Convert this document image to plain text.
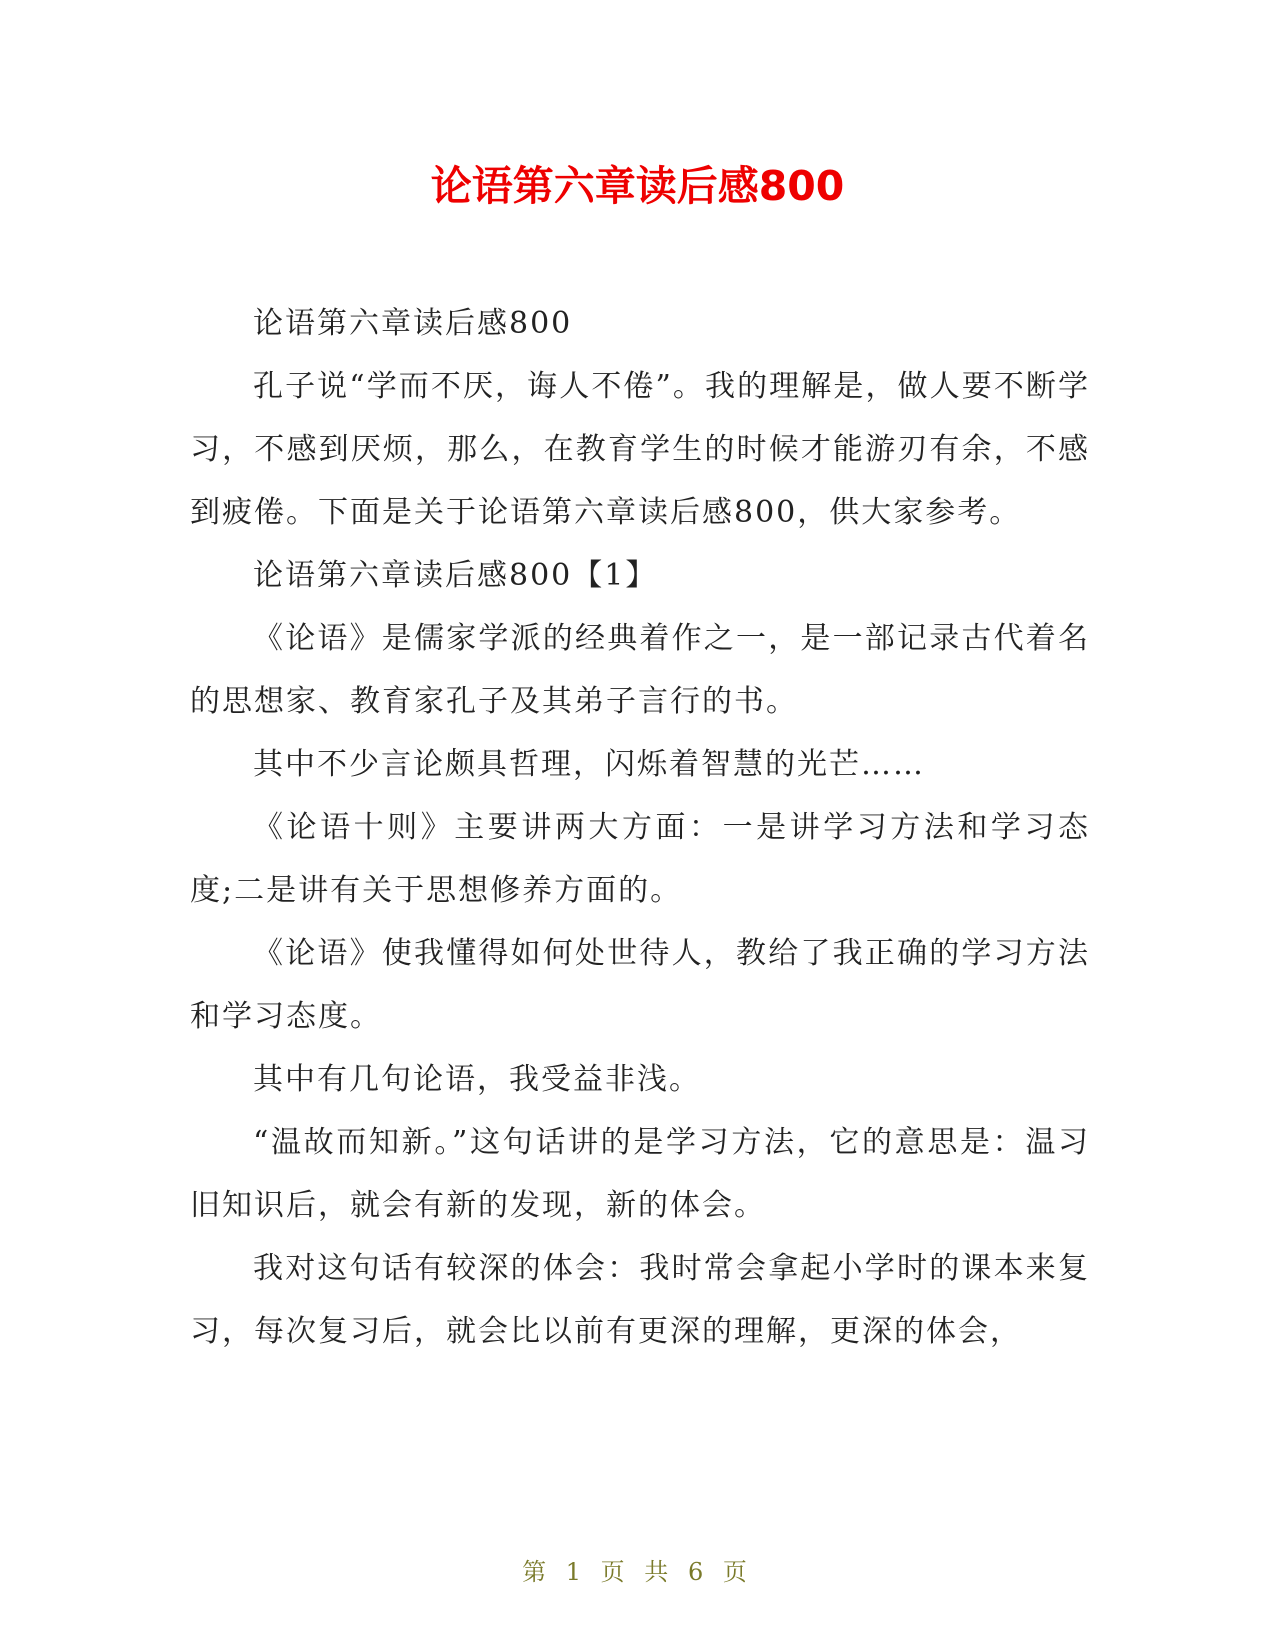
论语第六章读后感800

论语第六章读后感800

孔子说“学而不厌，诲人不倦”。我的理解是，做人要不断学习，不感到厌烦，那么，在教育学生的时候才能游刃有余，不感到疲倦。下面是关于论语第六章读后感800，供大家参考。

论语第六章读后感800【1】

《论语》是儒家学派的经典着作之一，是一部记录古代着名的思想家、教育家孔子及其弟子言行的书。

其中不少言论颇具哲理，闪烁着智慧的光芒……

《论语十则》主要讲两大方面：一是讲学习方法和学习态度;二是讲有关于思想修养方面的。

《论语》使我懂得如何处世待人，教给了我正确的学习方法和学习态度。

其中有几句论语，我受益非浅。

“温故而知新。”这句话讲的是学习方法，它的意思是：温习旧知识后，就会有新的发现，新的体会。

我对这句话有较深的体会：我时常会拿起小学时的课本来复习，每次复习后，就会比以前有更深的理解，更深的体会，

第 1 页 共 6 页
